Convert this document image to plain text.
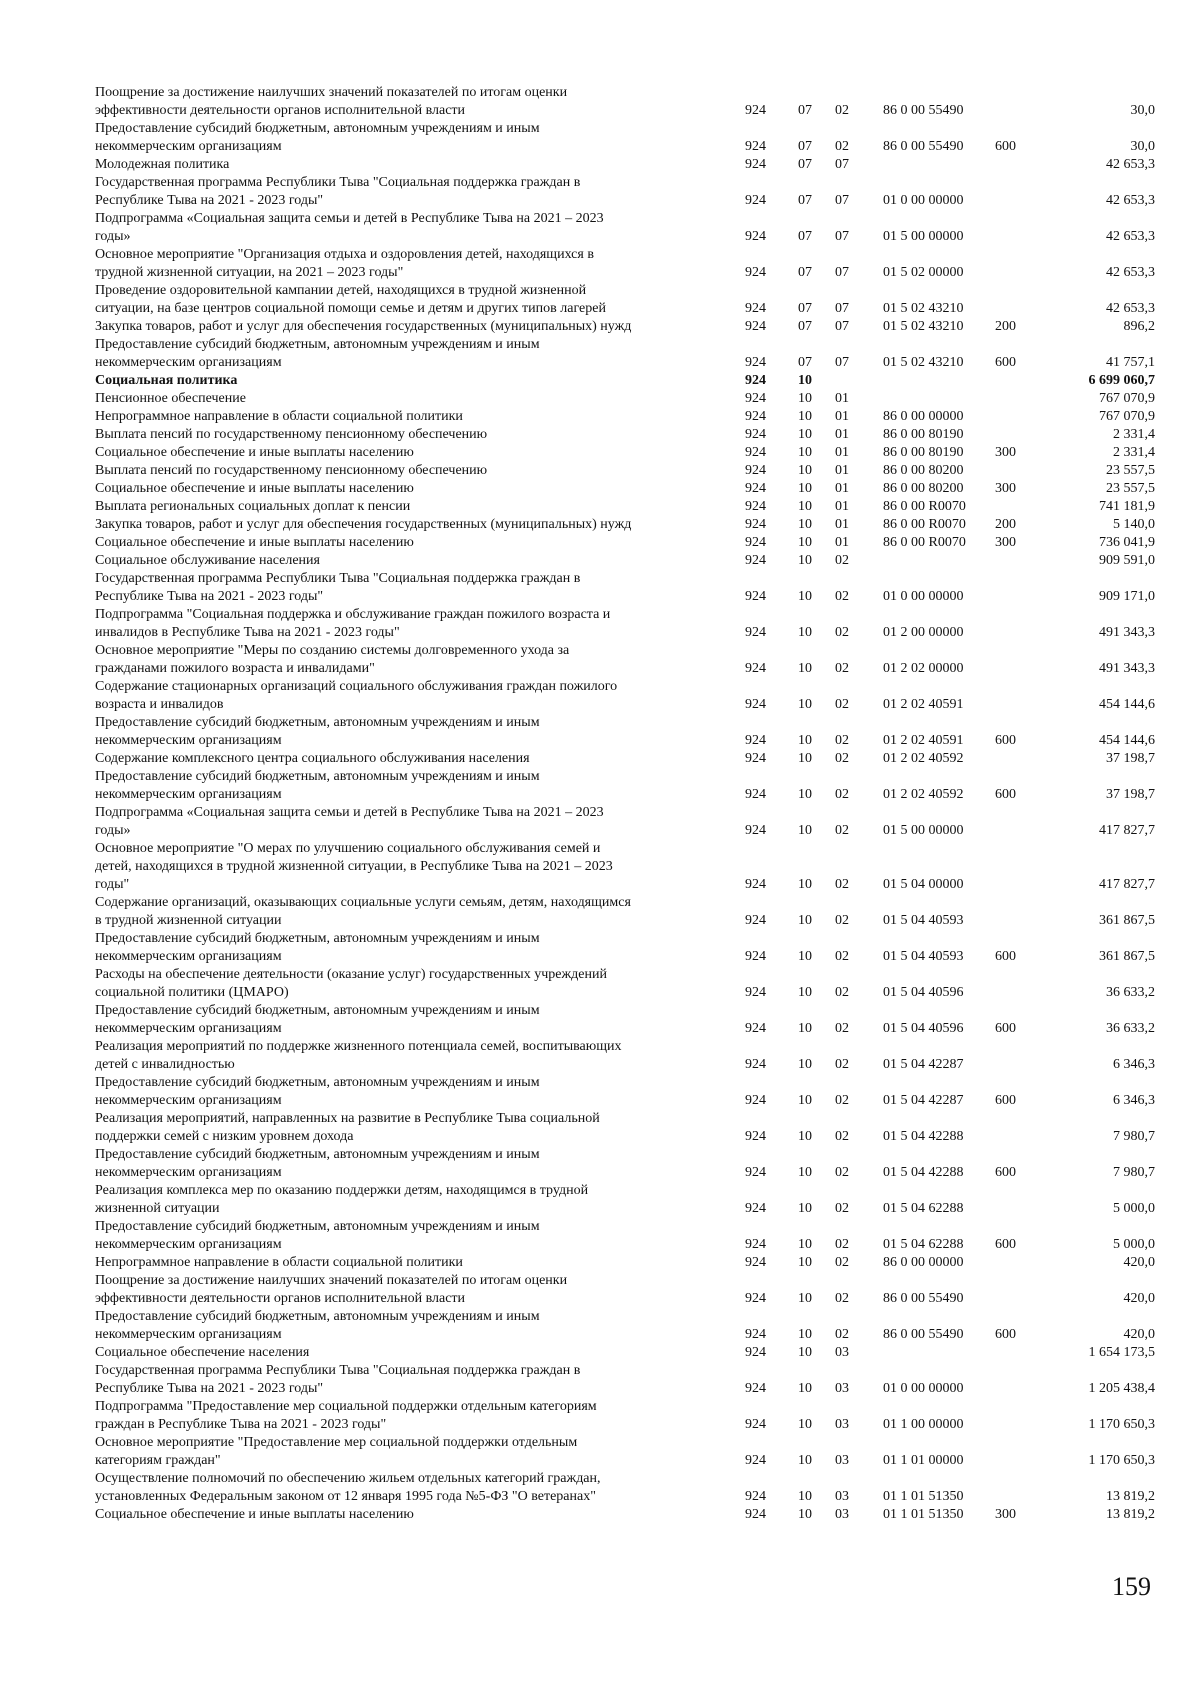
Поощрение за достижение наилучших значений показателей по итогам оценки
эффективности деятельности органов исполнительной власти	924	07	02	86 0 00 55490	30,0
Предоставление субсидий бюджетным, автономным учреждениям и иным
некоммерческим организациям	924	07	02	86 0 00 55490	600	30,0
Молодежная политика	924	07	07	42 653,3
Государственная программа Республики Тыва "Социальная поддержка граждан в
Республике Тыва на 2021 - 2023 годы"	924	07	07	01 0 00 00000	42 653,3
Подпрограмма «Социальная защита семьи и детей в Республике Тыва на 2021 – 2023
годы»	924	07	07	01 5 00 00000	42 653,3
Основное мероприятие "Организация отдыха и оздоровления детей, находящихся в
трудной жизненной ситуации, на 2021 – 2023 годы"	924	07	07	01 5 02 00000	42 653,3
Проведение оздоровительной кампании детей, находящихся в трудной жизненной
ситуации, на базе центров социальной помощи семье и детям и других типов лагерей	924	07	07	01 5 02 43210	42 653,3
Закупка товаров, работ и услуг для обеспечения государственных (муниципальных) нужд	924	07	07	01 5 02 43210	200	896,2
Предоставление субсидий бюджетным, автономным учреждениям и иным
некоммерческим организациям	924	07	07	01 5 02 43210	600	41 757,1
Социальная политика	924	10	6 699 060,7
Пенсионное обеспечение	924	10	01	767 070,9
Непрограммное направление в области социальной политики	924	10	01	86 0 00 00000	767 070,9
Выплата пенсий по государственному пенсионному обеспечению	924	10	01	86 0 00 80190	2 331,4
Социальное обеспечение и иные выплаты населению	924	10	01	86 0 00 80190	300	2 331,4
Выплата пенсий по государственному пенсионному обеспечению	924	10	01	86 0 00 80200	23 557,5
Социальное обеспечение и иные выплаты населению	924	10	01	86 0 00 80200	300	23 557,5
Выплата региональных социальных доплат к пенсии	924	10	01	86 0 00 R0070	741 181,9
Закупка товаров, работ и услуг для обеспечения государственных (муниципальных) нужд	924	10	01	86 0 00 R0070	200	5 140,0
Социальное обеспечение и иные выплаты населению	924	10	01	86 0 00 R0070	300	736 041,9
Социальное обслуживание населения	924	10	02	909 591,0
Государственная программа Республики Тыва "Социальная поддержка граждан в
Республике Тыва на 2021 - 2023 годы"	924	10	02	01 0 00 00000	909 171,0
Подпрограмма "Социальная поддержка и обслуживание граждан пожилого возраста и
инвалидов в Республике Тыва на 2021 - 2023 годы"	924	10	02	01 2 00 00000	491 343,3
Основное мероприятие "Меры по созданию системы долговременного ухода за
гражданами пожилого возраста и инвалидами"	924	10	02	01 2 02 00000	491 343,3
Содержание стационарных организаций социального обслуживания граждан пожилого
возраста и инвалидов	924	10	02	01 2 02 40591	454 144,6
Предоставление субсидий бюджетным, автономным учреждениям и иным
некоммерческим организациям	924	10	02	01 2 02 40591	600	454 144,6
Содержание комплексного центра социального обслуживания населения	924	10	02	01 2 02 40592	37 198,7
Предоставление субсидий бюджетным, автономным учреждениям и иным
некоммерческим организациям	924	10	02	01 2 02 40592	600	37 198,7
Подпрограмма «Социальная защита семьи и детей в Республике Тыва на 2021 – 2023
годы»	924	10	02	01 5 00 00000	417 827,7
Основное мероприятие "О мерах по улучшению социального обслуживания семей и
детей, находящихся в трудной жизненной ситуации, в Республике Тыва на 2021 – 2023
годы"	924	10	02	01 5 04 00000	417 827,7
Содержание организаций, оказывающих социальные услуги семьям, детям, находящимся
в трудной жизненной ситуации	924	10	02	01 5 04 40593	361 867,5
Предоставление субсидий бюджетным, автономным учреждениям и иным
некоммерческим организациям	924	10	02	01 5 04 40593	600	361 867,5
Расходы на обеспечение деятельности (оказание услуг) государственных учреждений
социальной политики (ЦМАРО)	924	10	02	01 5 04 40596	36 633,2
Предоставление субсидий бюджетным, автономным учреждениям и иным
некоммерческим организациям	924	10	02	01 5 04 40596	600	36 633,2
Реализация мероприятий по поддержке жизненного потенциала семей, воспитывающих
детей с инвалидностью	924	10	02	01 5 04 42287	6 346,3
Предоставление субсидий бюджетным, автономным учреждениям и иным
некоммерческим организациям	924	10	02	01 5 04 42287	600	6 346,3
Реализация мероприятий, направленных на развитие в Республике Тыва социальной
поддержки семей с низким уровнем дохода	924	10	02	01 5 04 42288	7 980,7
Предоставление субсидий бюджетным, автономным учреждениям и иным
некоммерческим организациям	924	10	02	01 5 04 42288	600	7 980,7
Реализация комплекса мер по оказанию поддержки детям, находящимся в трудной
жизненной ситуации	924	10	02	01 5 04 62288	5 000,0
Предоставление субсидий бюджетным, автономным учреждениям и иным
некоммерческим организациям	924	10	02	01 5 04 62288	600	5 000,0
Непрограммное направление в области социальной политики	924	10	02	86 0 00 00000	420,0
Поощрение за достижение наилучших значений показателей по итогам оценки
эффективности деятельности органов исполнительной власти	924	10	02	86 0 00 55490	420,0
Предоставление субсидий бюджетным, автономным учреждениям и иным
некоммерческим организациям	924	10	02	86 0 00 55490	600	420,0
Социальное обеспечение населения	924	10	03	1 654 173,5
Государственная программа Республики Тыва "Социальная поддержка граждан в
Республике Тыва на 2021 - 2023 годы"	924	10	03	01 0 00 00000	1 205 438,4
Подпрограмма "Предоставление мер социальной поддержки отдельным категориям
граждан в Республике Тыва на 2021 - 2023 годы"	924	10	03	01 1 00 00000	1 170 650,3
Основное мероприятие "Предоставление мер социальной поддержки отдельным
категориям граждан"	924	10	03	01 1 01 00000	1 170 650,3
Осуществление полномочий по обеспечению жильем отдельных категорий граждан,
установленных Федеральным законом от 12 января 1995 года №5-ФЗ "О ветеранах"	924	10	03	01 1 01 51350	13 819,2
Социальное обеспечение и иные выплаты населению	924	10	03	01 1 01 51350	300	13 819,2
159
